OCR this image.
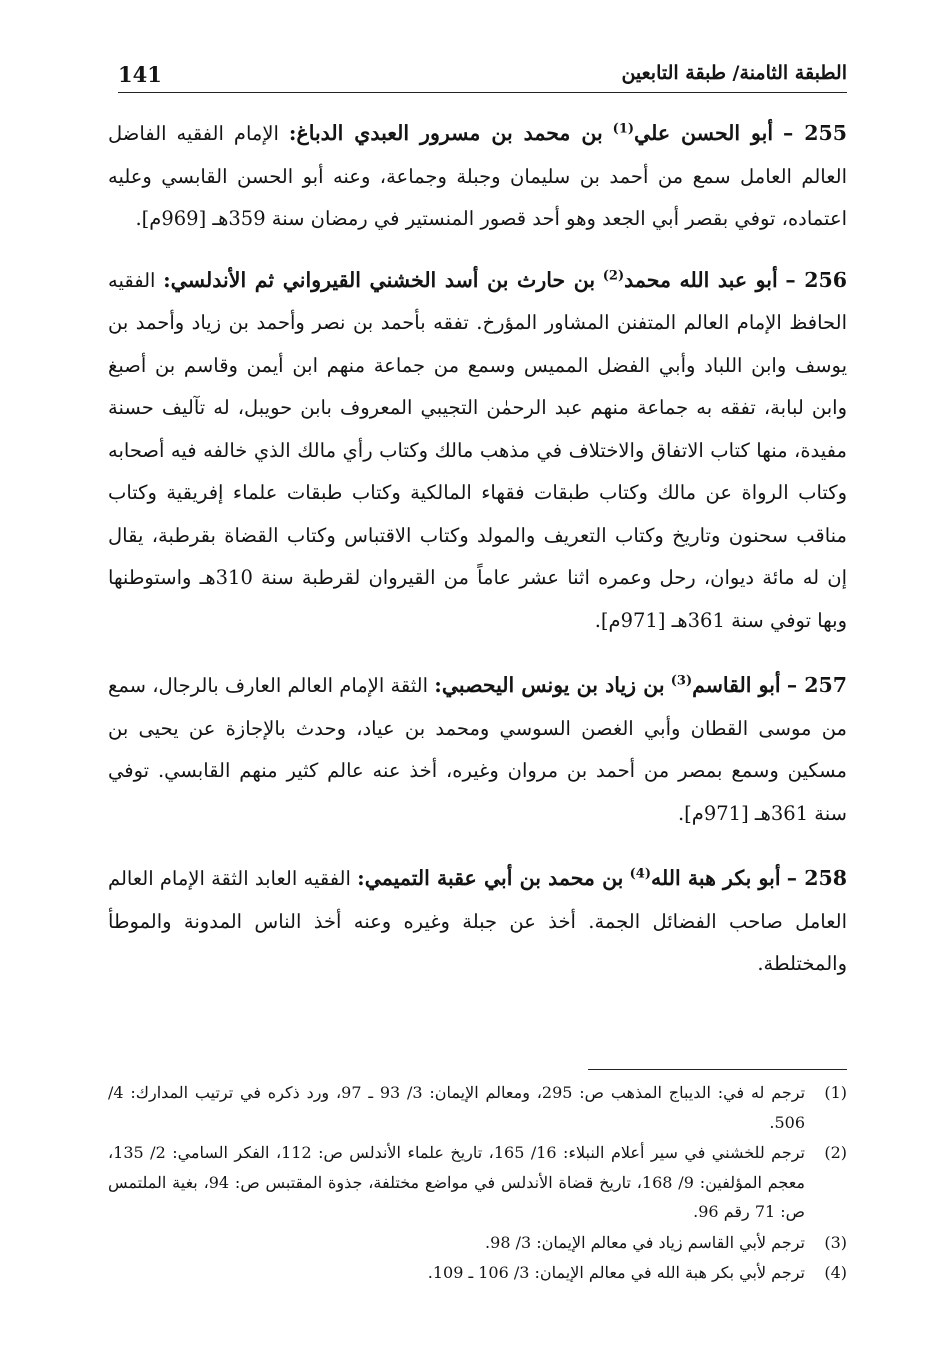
141	الطبقة الثامنة/ طبقة التابعين

255 – أبو الحسن علي$^{(1)}$ بن محمد بن مسرور العبدي الدباغ: الإمام الفقيه الفاضل العالم العامل سمع من أحمد بن سليمان وجبلة وجماعة، وعنه أبو الحسن القابسي وعليه اعتماده، توفي بقصر أبي الجعد وهو أحد قصور المنستير في رمضان سنة 359هـ [969م].

256 – أبو عبد الله محمد$^{(2)}$ بن حارث بن أسد الخشني القيرواني ثم الأندلسي: الفقيه الحافظ الإمام العالم المتفنن المشاور المؤرخ. تفقه بأحمد بن نصر وأحمد بن زياد وأحمد بن يوسف وابن اللباد وأبي الفضل المميس وسمع من جماعة منهم ابن أيمن وقاسم بن أصبغ وابن لبابة، تفقه به جماعة منهم عبد الرحمٰن التجيبي المعروف بابن حويبل، له تآليف حسنة مفيدة، منها كتاب الاتفاق والاختلاف في مذهب مالك وكتاب رأي مالك الذي خالفه فيه أصحابه وكتاب الرواة عن مالك وكتاب طبقات فقهاء المالكية وكتاب طبقات علماء إفريقية وكتاب مناقب سحنون وتاريخ وكتاب التعريف والمولد وكتاب الاقتباس وكتاب القضاة بقرطبة، يقال إن له مائة ديوان، رحل وعمره اثنا عشر عاماً من القيروان لقرطبة سنة 310هـ واستوطنها وبها توفي سنة 361هـ [971م].

257 – أبو القاسم$^{(3)}$ بن زياد بن يونس اليحصبي: الثقة الإمام العالم العارف بالرجال، سمع من موسى القطان وأبي الغصن السوسي ومحمد بن عياد، وحدث بالإجازة عن يحيى بن مسكين وسمع بمصر من أحمد بن مروان وغيره، أخذ عنه عالم كثير منهم القابسي. توفي سنة 361هـ [971م].

258 – أبو بكر هبة الله$^{(4)}$ بن محمد بن أبي عقبة التميمي: الفقيه العابد الثقة الإمام العالم العامل صاحب الفضائل الجمة. أخذ عن جبلة وغيره وعنه أخذ الناس المدونة والموطأ والمختلطة.

(1)
ترجم له في: الديباج المذهب ص: 295، ومعالم الإيمان: 3/ 93 ـ 97، ورد ذكره في ترتيب المدارك: 4/ 506.
(2)
ترجم للخشني في سير أعلام النبلاء: 16/ 165، تاريخ علماء الأندلس ص: 112، الفكر السامي: 2/ 135، معجم المؤلفين: 9/ 168، تاريخ قضاة الأندلس في مواضع مختلفة، جذوة المقتبس ص: 94، بغية الملتمس ص: 71 رقم 96.
(3)
ترجم لأبي القاسم زياد في معالم الإيمان: 3/ 98.
(4)
ترجم لأبي بكر هبة الله في معالم الإيمان: 3/ 106 ـ 109.
